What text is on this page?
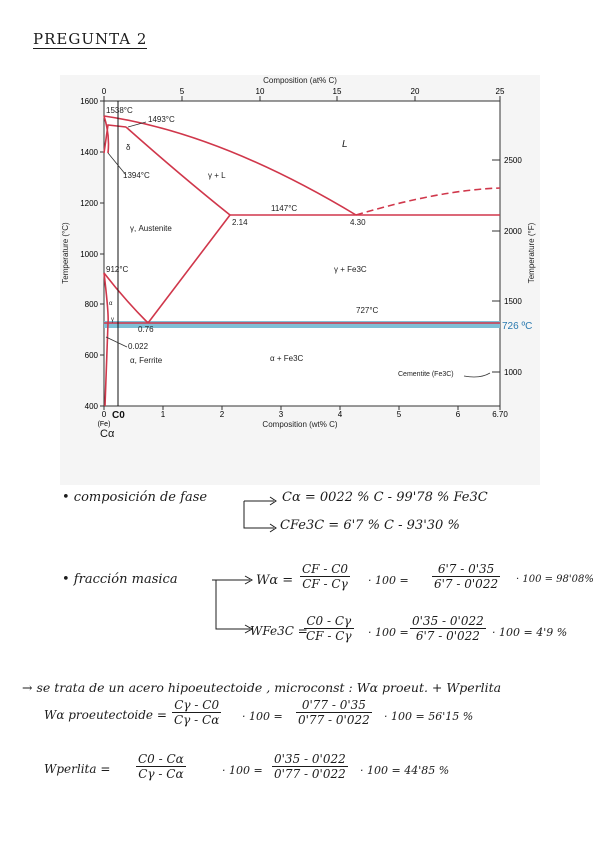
PREGUNTA 2
Composition (at% C)
Composition (wt% C)
Temperature (°C)	Temperature (°F)
0	5	10	15	20	25
0	1	2	3	4	5	6	6.70
(Fe)
400
600
800
1000
1200
1400
1600
1000
1500
2000
2500
1538°C
1493°C
1394°C
1147°C
912°C
727°C
2.14	4.30
0.76
0.022
δ	L
γ + L
γ, Austenite
γ + Fe3C
α, Ferrite	α + Fe3C
Cementite (Fe3C)
α
γ
726 ºC
C0
Cα
• composición de fase	Cα = 0022 % C - 99'78 % Fe3C
CFe3C = 6'7 % C - 93'30 %
• fracción masica	$W\alpha = \frac{CF - C0}{CF - C\gamma} \cdot 100 = \frac{6'7 - 0'35}{6'7 - 0'022} \cdot 100 = 98'08\%$
WFe3C =
$\frac{C0 - C\gamma}{CF - C\gamma} \cdot 100 = \frac{0'35 - 0'022}{6'7 - 0'022} \cdot 100 = 4'9$ %
→ se trata de un acero hipoeutectoide , microconst : Wα proeut. + Wperlita
Wα proeutectoide = $\frac{C\gamma - C0}{C\gamma - C\alpha} \cdot 100 = \frac{0'77 - 0'35}{0'77 - 0'022} \cdot 100 = 56'15$ %
Wperlita = $\frac{C0 - C\alpha}{C\gamma - C\alpha}$	· $100 = \frac{0'35 - 0'022}{0'77 - 0'022} \cdot 100 = 44'85$ %
